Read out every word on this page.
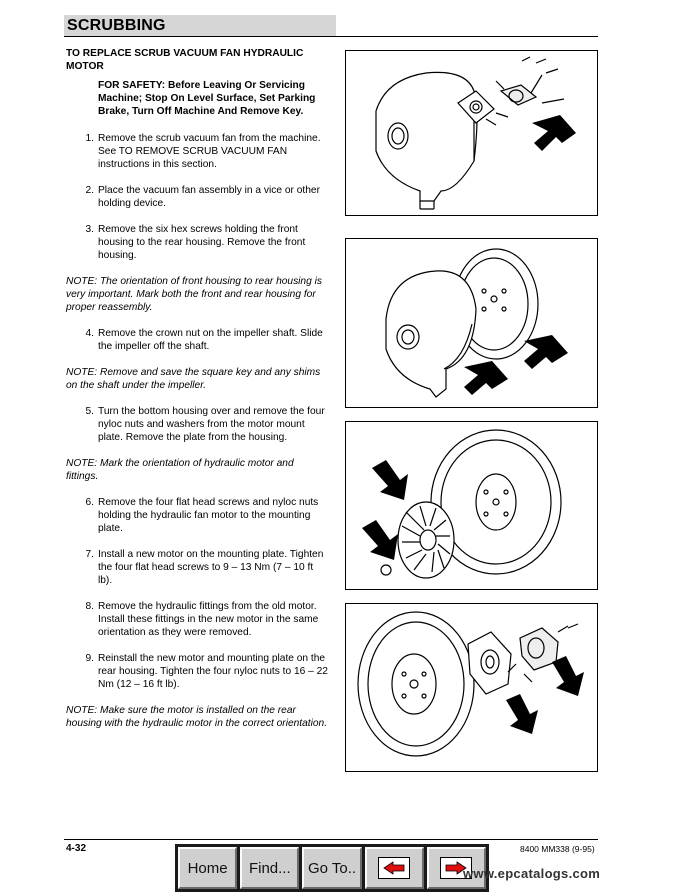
SCRUBBING
TO REPLACE SCRUB VACUUM FAN HYDRAULIC MOTOR
FOR SAFETY: Before Leaving Or Servicing Machine; Stop On Level Surface, Set Parking Brake, Turn Off Machine And Remove Key.
1. Remove the scrub vacuum fan from the machine. See TO REMOVE SCRUB VACUUM FAN instructions in this section.
2. Place the vacuum fan assembly in a vice or other holding device.
3. Remove the six hex screws holding the front housing to the rear housing. Remove the front housing.
NOTE: The orientation of front housing to rear housing is very important. Mark both the front and rear housing for proper reassembly.
4. Remove the crown nut on the impeller shaft. Slide the impeller off the shaft.
NOTE: Remove and save the square key and any shims on the shaft under the impeller.
5. Turn the bottom housing over and remove the four nyloc nuts and washers from the motor mount plate. Remove the plate from the housing.
NOTE: Mark the orientation of hydraulic motor and fittings.
6. Remove the four flat head screws and nyloc nuts holding the hydraulic fan motor to the mounting plate.
7. Install a new motor on the mounting plate. Tighten the four flat head screws to 9 – 13 Nm (7 – 10 ft lb).
8. Remove the hydraulic fittings from the old motor. Install these fittings in the new motor in the same orientation as they were removed.
9. Reinstall the new motor and mounting plate on the rear housing. Tighten the four nyloc nuts to 16 – 22 Nm (12 – 16 ft lb).
NOTE: Make sure the motor is installed on the rear housing with the hydraulic motor in the correct orientation.
4-32	8400 MM338 (9-95)
Home	Find...	Go To..	www.epcatalogs.com
